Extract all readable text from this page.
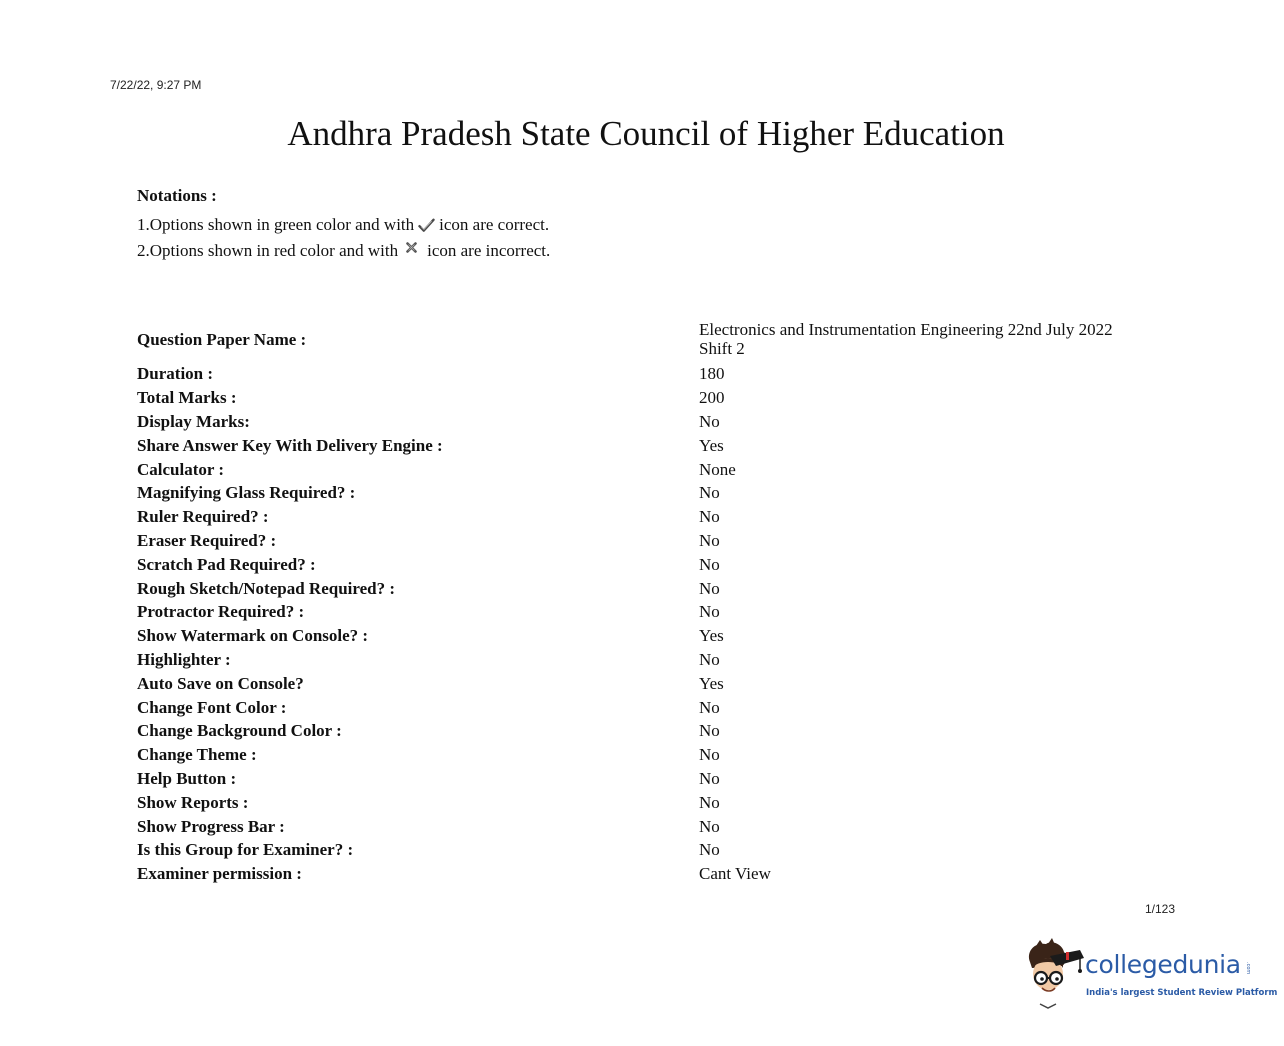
7/22/22, 9:27 PM
Andhra Pradesh State Council of Higher Education
Notations :
1.Options shown in green color and with icon are correct.
2.Options shown in red color and with icon are incorrect.
Question Paper Name :	Electronics and Instrumentation Engineering 22nd July 2022 Shift 2
Duration :	180
Total Marks :	200
Display Marks:	No
Share Answer Key With Delivery Engine :	Yes
Calculator :	None
Magnifying Glass Required? :	No
Ruler Required? :	No
Eraser Required? :	No
Scratch Pad Required? :	No
Rough Sketch/Notepad Required? :	No
Protractor Required? :	No
Show Watermark on Console? :	Yes
Highlighter :	No
Auto Save on Console?	Yes
Change Font Color :	No
Change Background Color :	No
Change Theme :	No
Help Button :	No
Show Reports :	No
Show Progress Bar :	No
Is this Group for Examiner? :	No
Examiner permission :	Cant View
1/123
collegedunia .com
India's largest Student Review Platform
